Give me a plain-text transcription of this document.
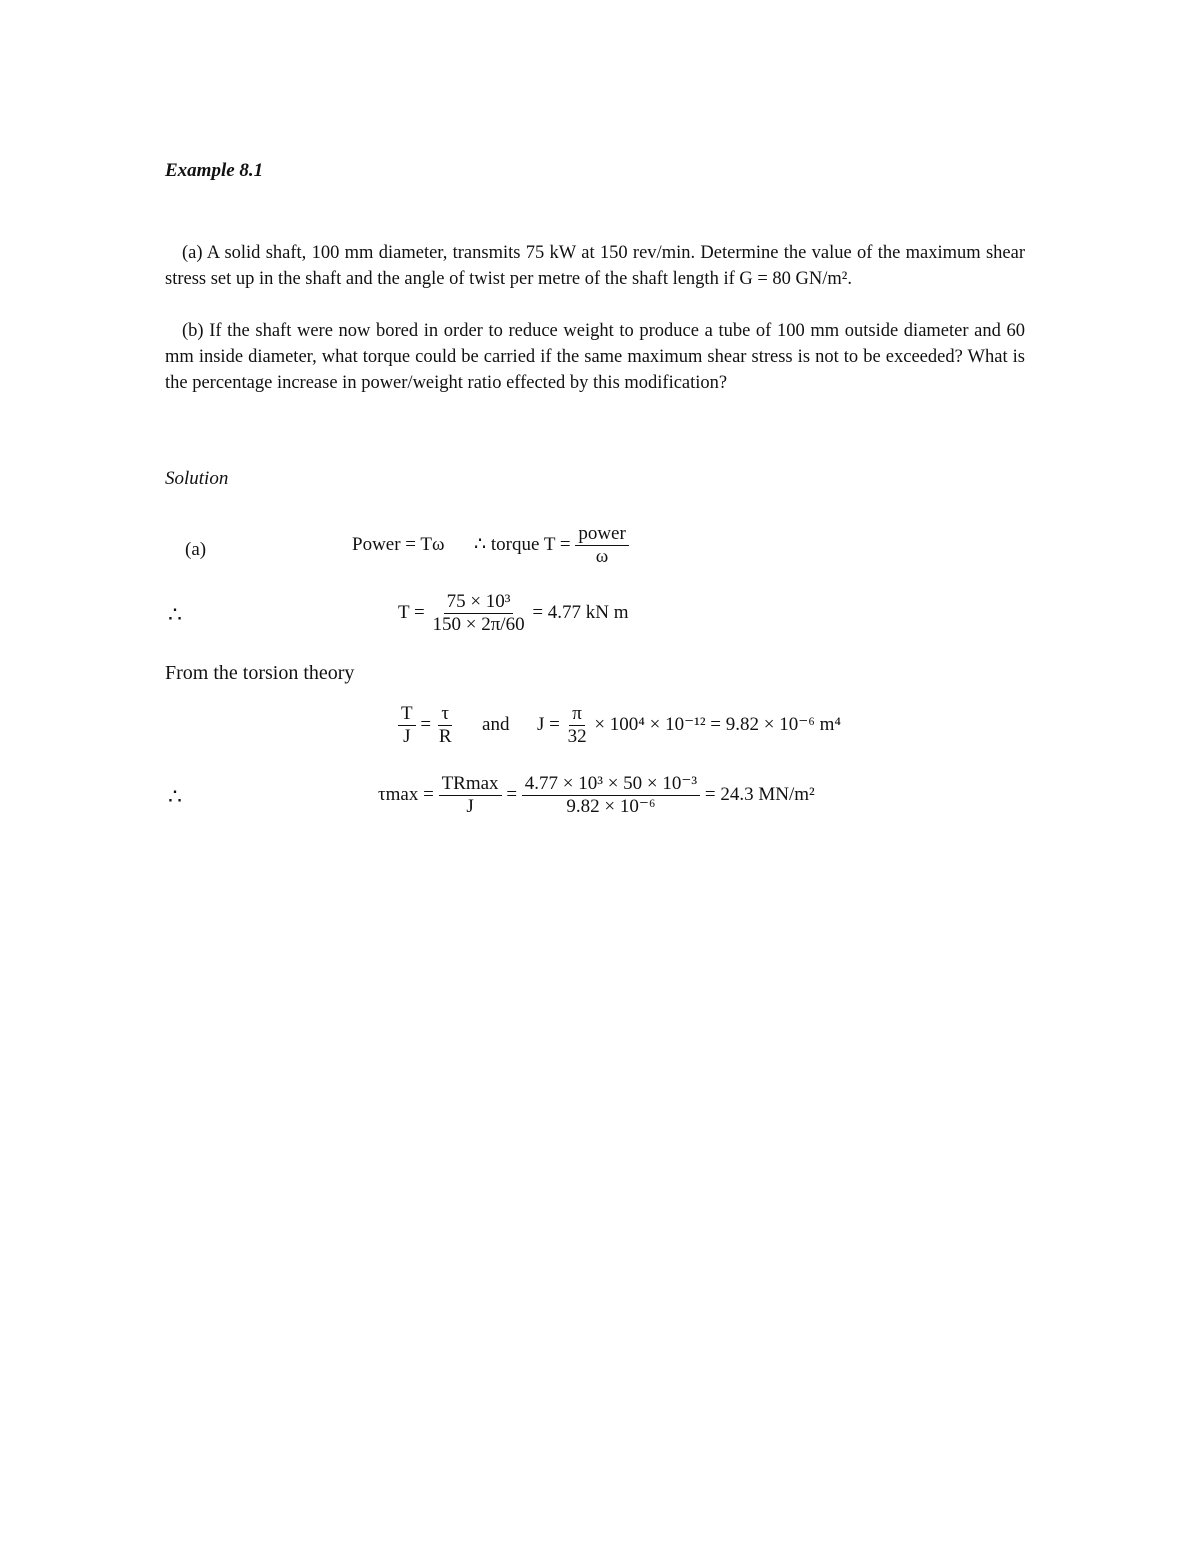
Example 8.1

(a) A solid shaft, 100 mm diameter, transmits 75 kW at 150 rev/min. Determine the value of the maximum shear stress set up in the shaft and the angle of twist per metre of the shaft length if G = 80 GN/m².

(b) If the shaft were now bored in order to reduce weight to produce a tube of 100 mm outside diameter and 60 mm inside diameter, what torque could be carried if the same maximum shear stress is not to be exceeded? What is the percentage increase in power/weight ratio effected by this modification?

Solution
(a)	Power = Tω ∴ torque $T = \frac{\text{power}}{\omega}$
∴	$T = \frac{\text{75 × 10³}}{150 \times 2\pi/60} = 4.77$ kN m
From the torsion theory
$\frac{T}{J} = \frac{\tau}{R}$ and $J = \frac{\pi}{32} \times 100^4 \times 10^{-12} = 9.82 \times 10^{-6}$ m⁴
∴	$\tau\max = \frac{TRmax}{J} = \frac{\text{4.77 × 10³ × 50 × 10⁻³}}{\text{9.82 × 10⁻⁶}} = 24.3$ MN/m²
